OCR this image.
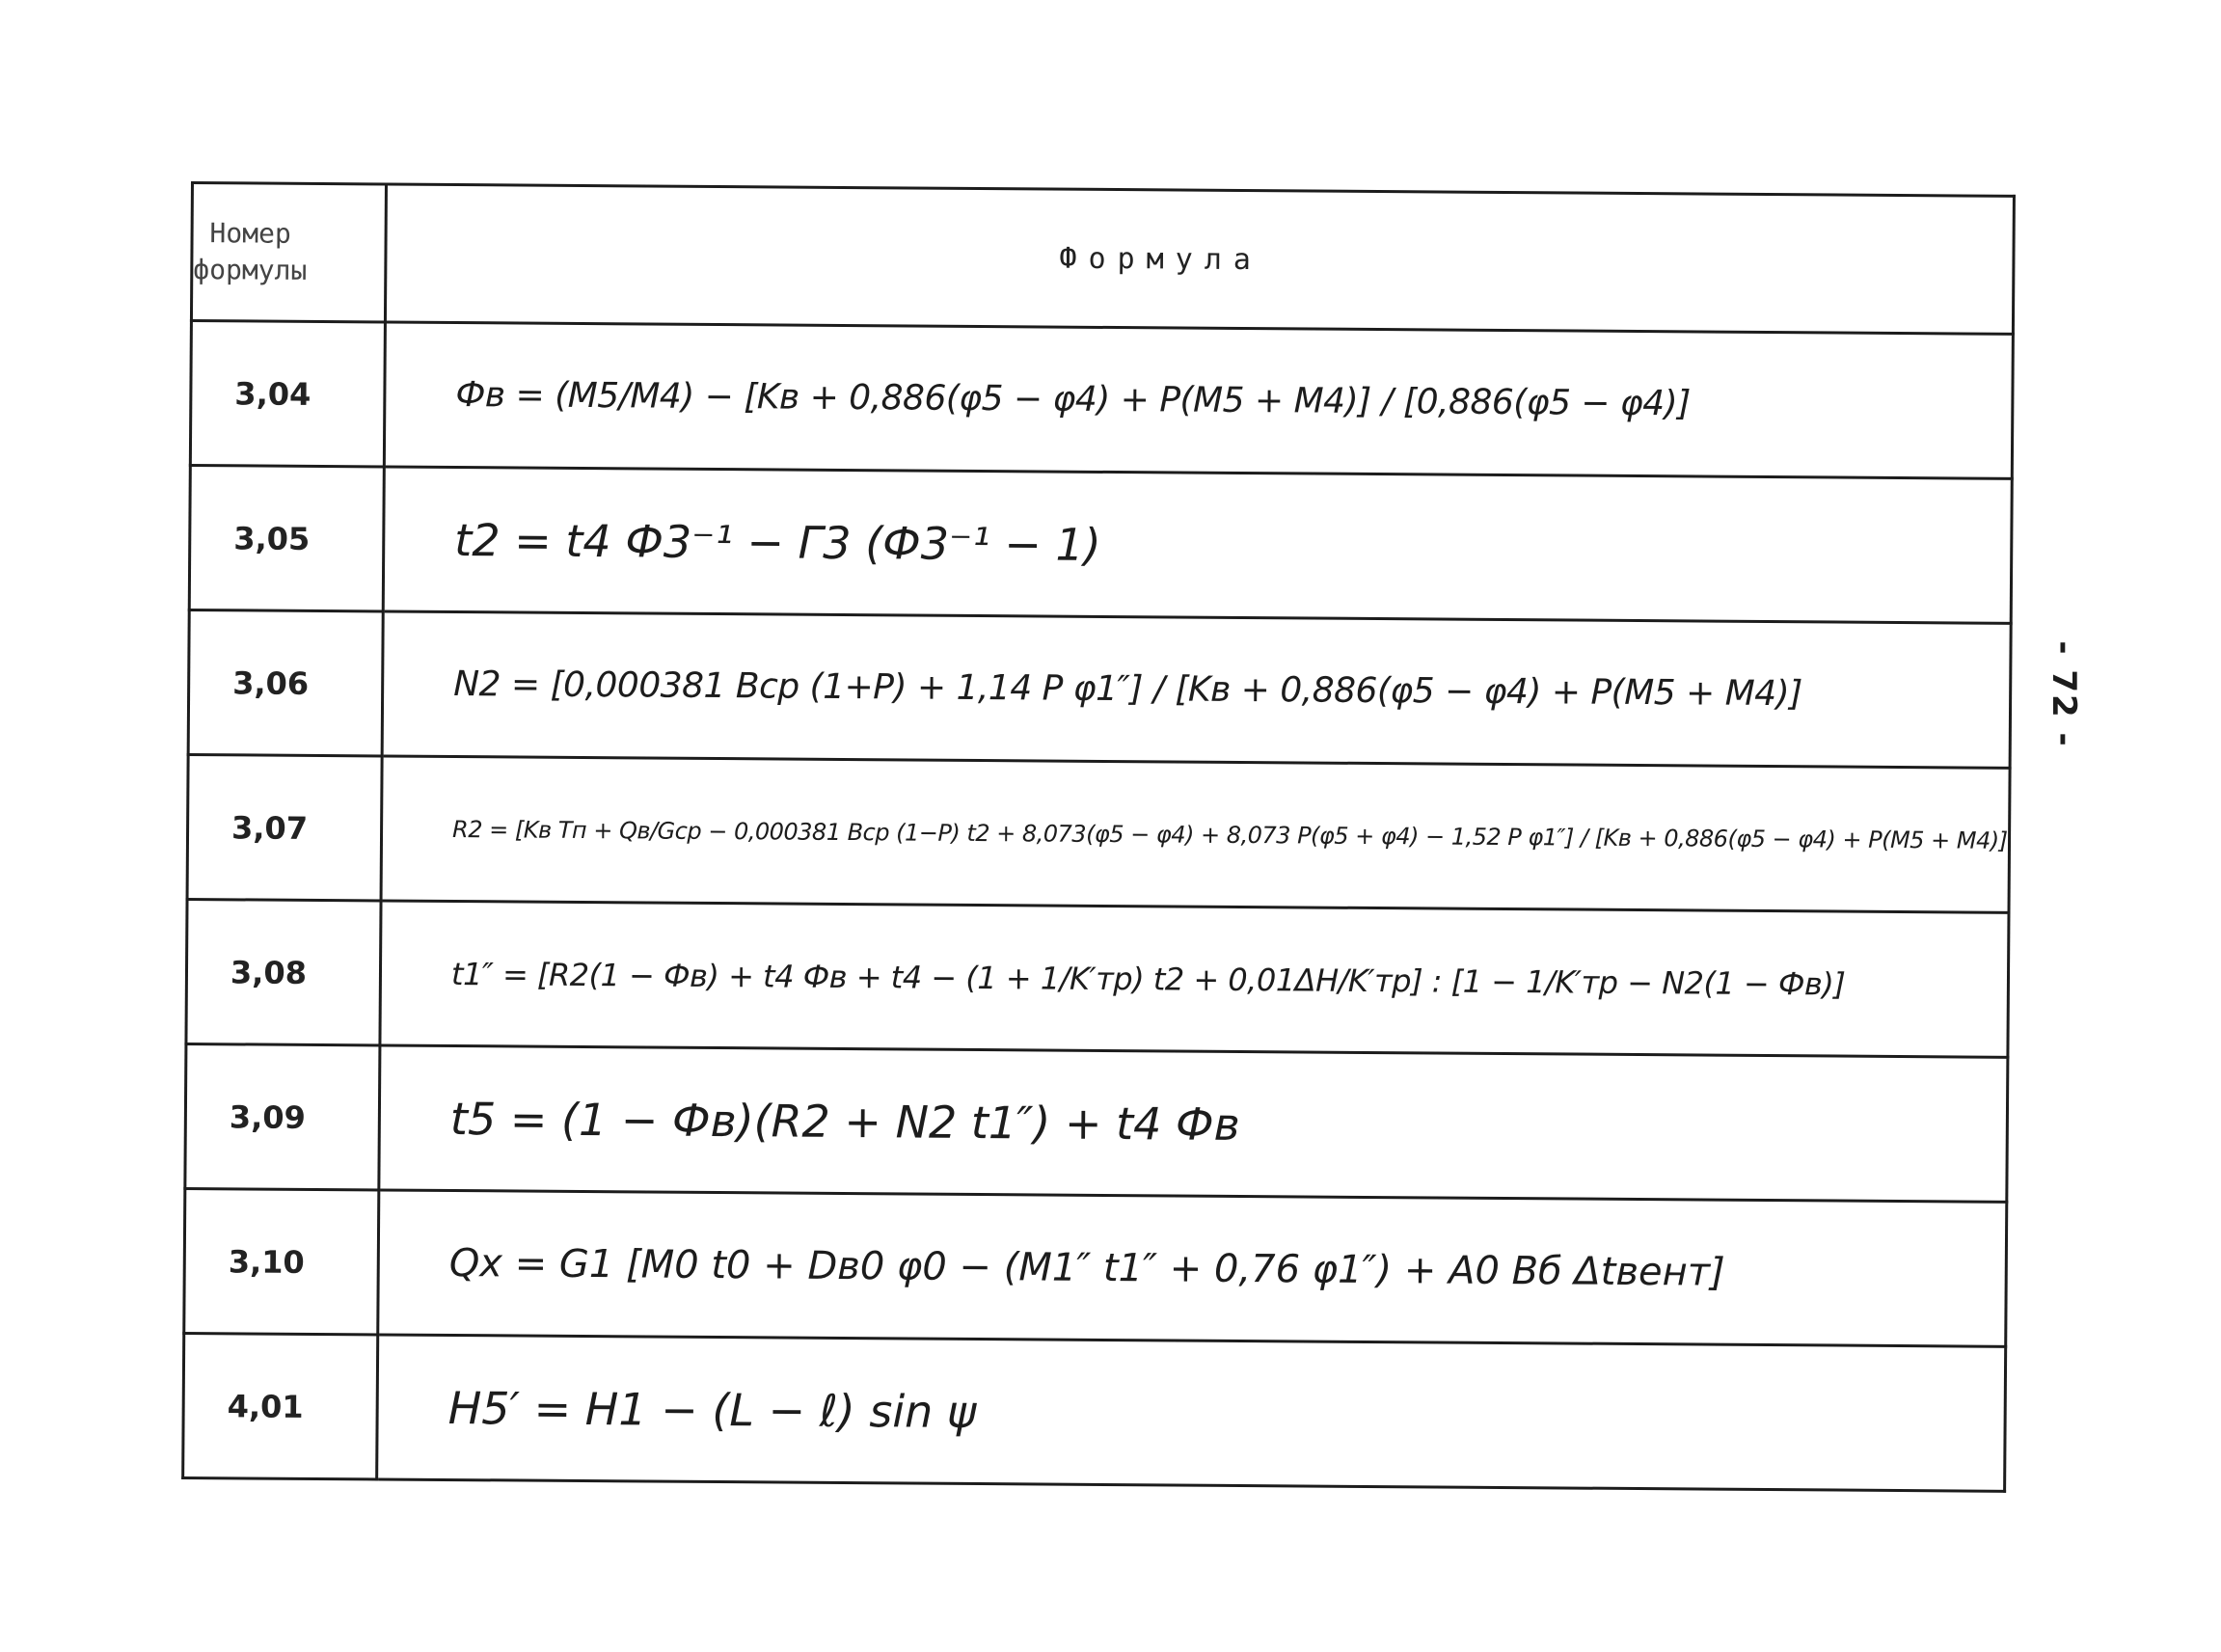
- 72 -
Номер
формулы	Формула
3,04	Фв = (M5/M4) − [Kв + 0,886(φ5 − φ4) + P(M5 + M4)] / [0,886(φ5 − φ4)]
3,05	t2 = t4 Ф3⁻¹ − Г3 (Ф3⁻¹ − 1)
3,06	N2 = [0,000381 Bср (1+P) + 1,14 P φ1″] / [Kв + 0,886(φ5 − φ4) + P(M5 + M4)]
3,07	R2 = [Kв Tп + Qв/Gср − 0,000381 Bср (1−P) t2 + 8,073(φ5 − φ4) + 8,073 P(φ5 + φ4) − 1,52 P φ1″] / [Kв + 0,886(φ5 − φ4) + P(M5 + M4)]
3,08	t1″ = [R2(1 − Фв) + t4 Фв + t4 − (1 + 1/K′тр) t2 + 0,01ΔH/K′тр] : [1 − 1/K′тр − N2(1 − Фв)]
3,09	t5 = (1 − Фв)(R2 + N2 t1″) + t4 Фв
3,10	Qx = G1 [M0 t0 + Dв0 φ0 − (M1″ t1″ + 0,76 φ1″) + A0 Bб Δtвент]
4,01	H5′ = H1 − (L − ℓ) sin ψ
